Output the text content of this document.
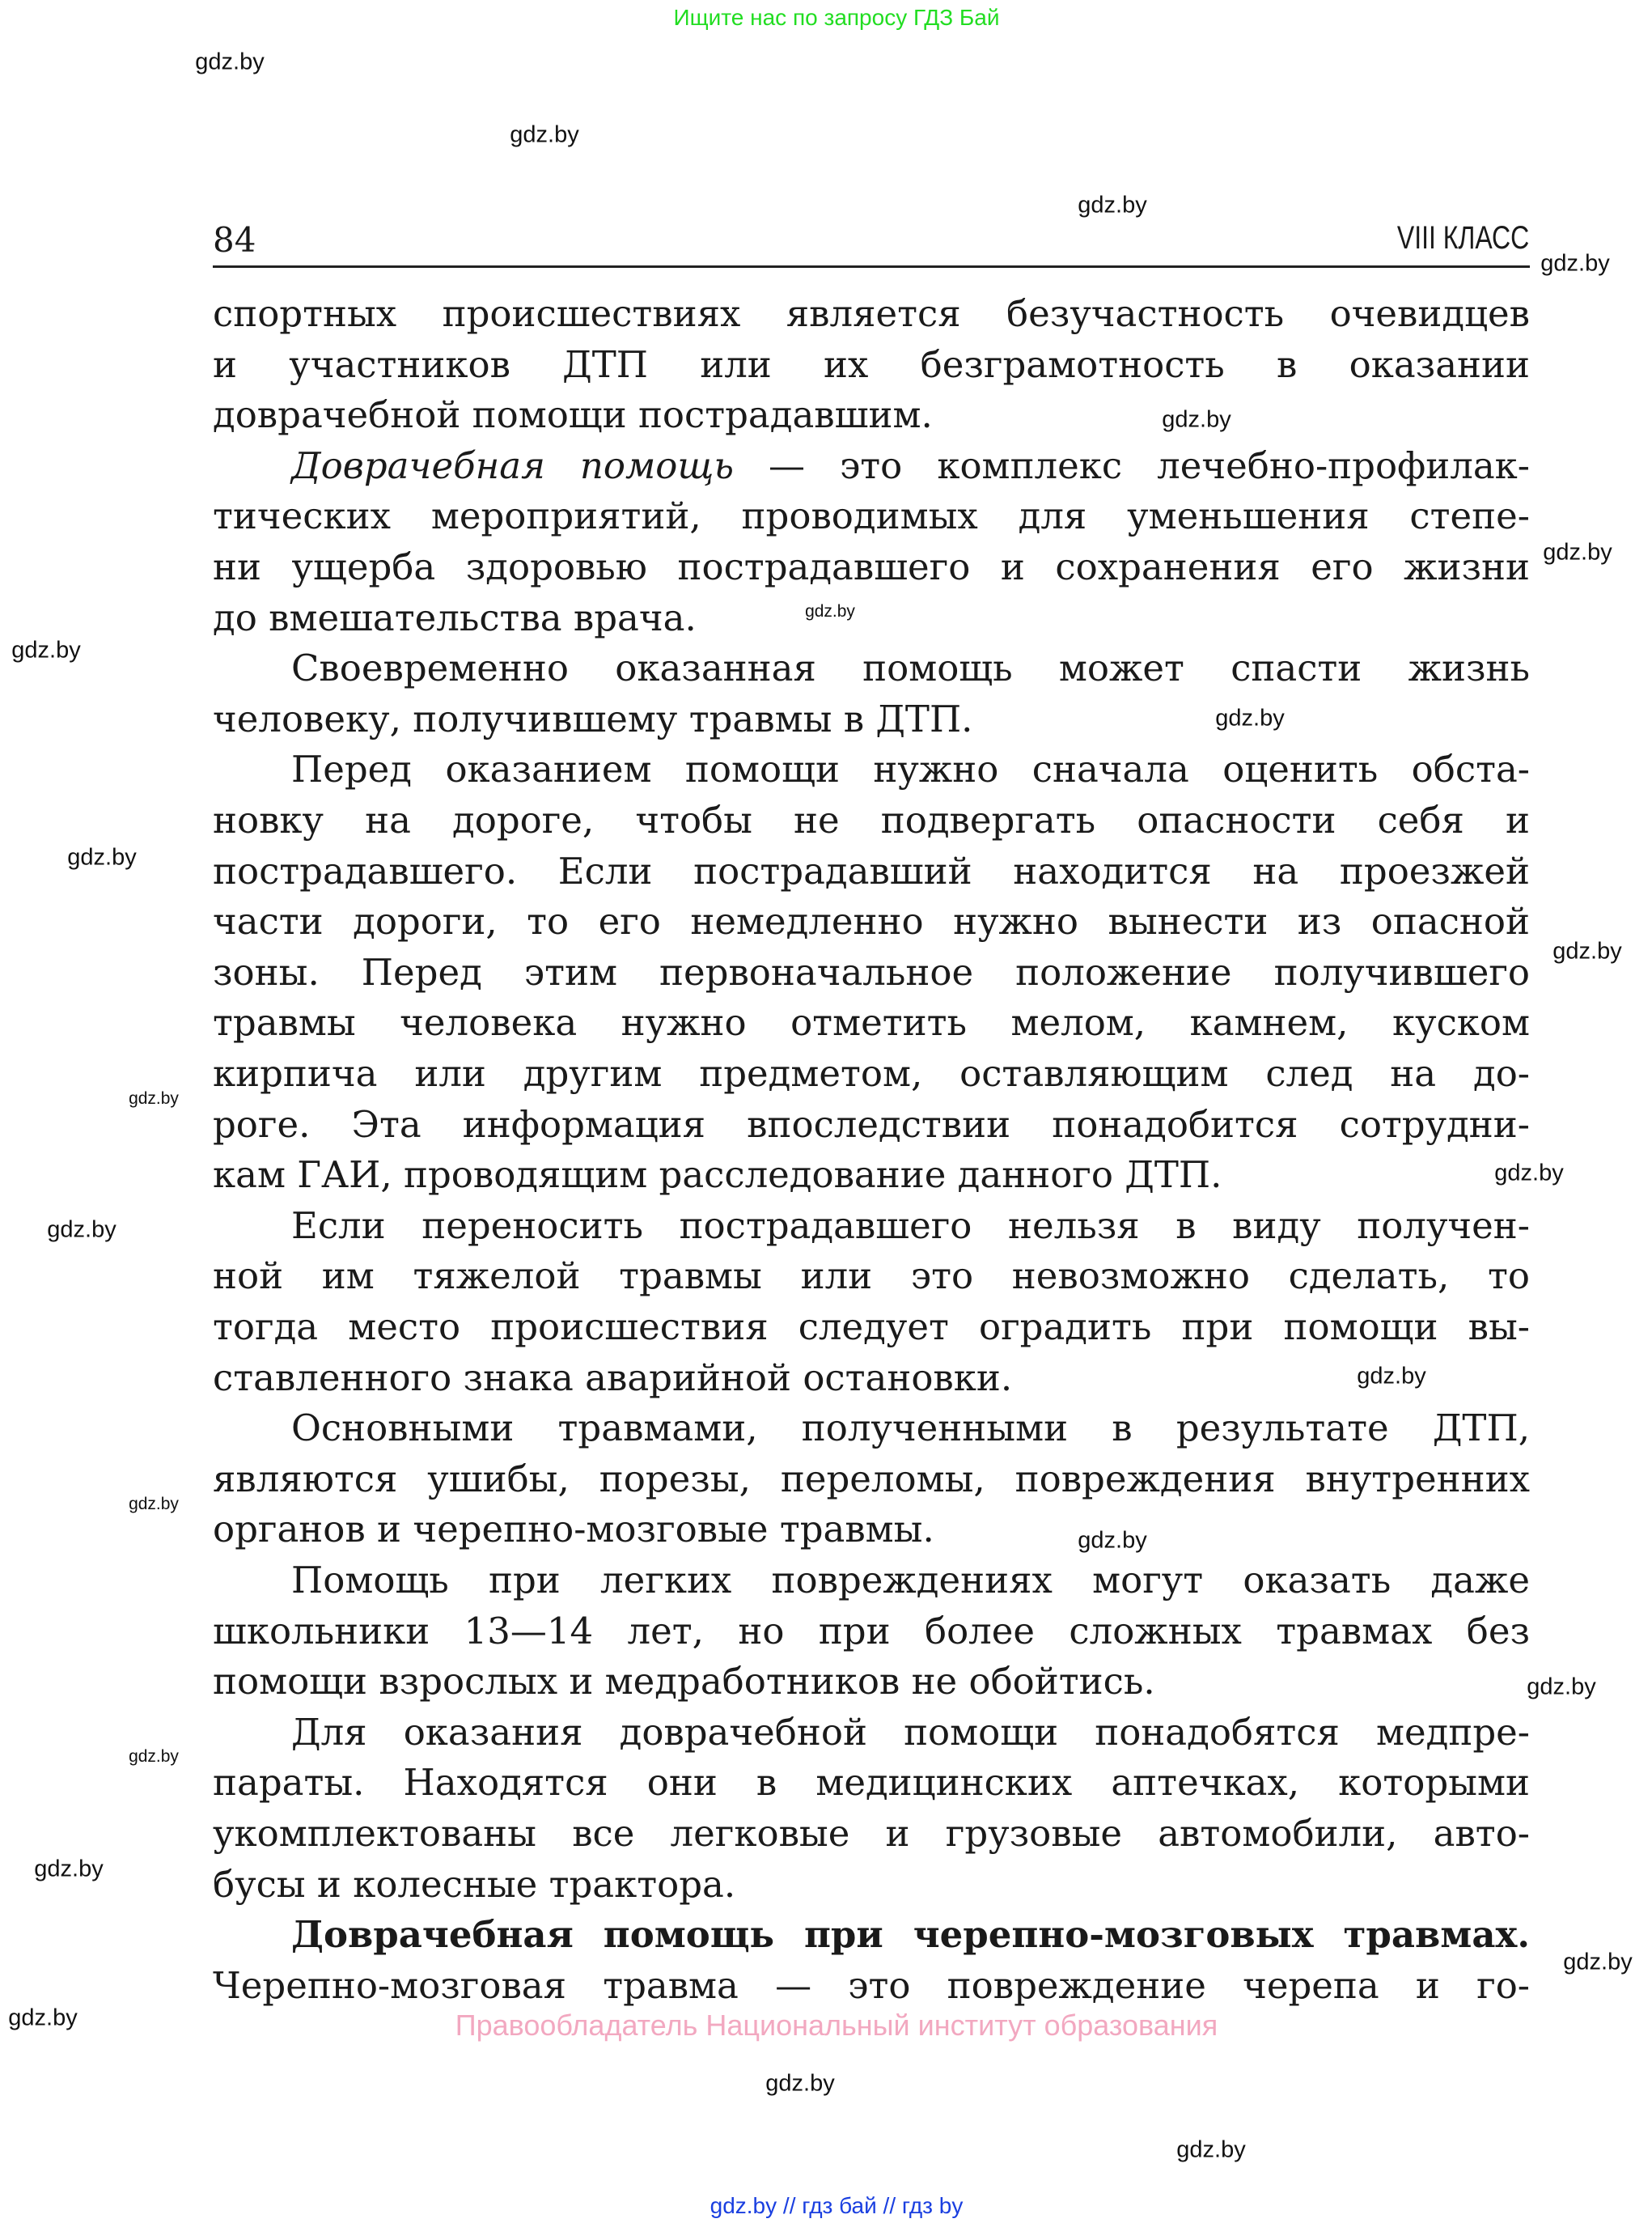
Ищите нас по запросу ГДЗ Бай
84	VIII КЛАСС
спортных происшествиях является безучастность очевидцев
и участников ДТП или их безграмотность в оказании
доврачебной помощи пострадавшим.
Доврачебная помощь — это комплекс лечебно-профилак-
тических мероприятий, проводимых для уменьшения степе-
ни ущерба здоровью пострадавшего и сохранения его жизни
до вмешательства врача.
Своевременно оказанная помощь может спасти жизнь
человеку, получившему травмы в ДТП.
Перед оказанием помощи нужно сначала оценить обста-
новку на дороге, чтобы не подвергать опасности себя и
пострадавшего. Если пострадавший находится на проезжей
части дороги, то его немедленно нужно вынести из опасной
зоны. Перед этим первоначальное положение получившего
травмы человека нужно отметить мелом, камнем, куском
кирпича или другим предметом, оставляющим след на до-
роге. Эта информация впоследствии понадобится сотрудни-
кам ГАИ, проводящим расследование данного ДТП.
Если переносить пострадавшего нельзя в виду получен-
ной им тяжелой травмы или это невозможно сделать, то
тогда место происшествия следует оградить при помощи вы-
ставленного знака аварийной остановки.
Основными травмами, полученными в результате ДТП,
являются ушибы, порезы, переломы, повреждения внутренних
органов и черепно-мозговые травмы.
Помощь при легких повреждениях могут оказать даже
школьники 13—14 лет, но при более сложных травмах без
помощи взрослых и медработников не обойтись.
Для оказания доврачебной помощи понадобятся медпре-
параты. Находятся они в медицинских аптечках, которыми
укомплектованы все легковые и грузовые автомобили, авто-
бусы и колесные трактора.
Доврачебная помощь при черепно-мозговых травмах.
Черепно-мозговая травма — это повреждение черепа и го-
gdz.by
gdz.by
gdz.by
gdz.by
gdz.by
gdz.by
gdz.by
gdz.by
gdz.by
gdz.by
gdz.by
gdz.by
gdz.by
gdz.by
gdz.by
gdz.by
gdz.by
gdz.by
gdz.by
gdz.by
gdz.by
gdz.by
gdz.by
gdz.by
Правообладатель Национальный институт образования
gdz.by // гдз бай // гдз by
